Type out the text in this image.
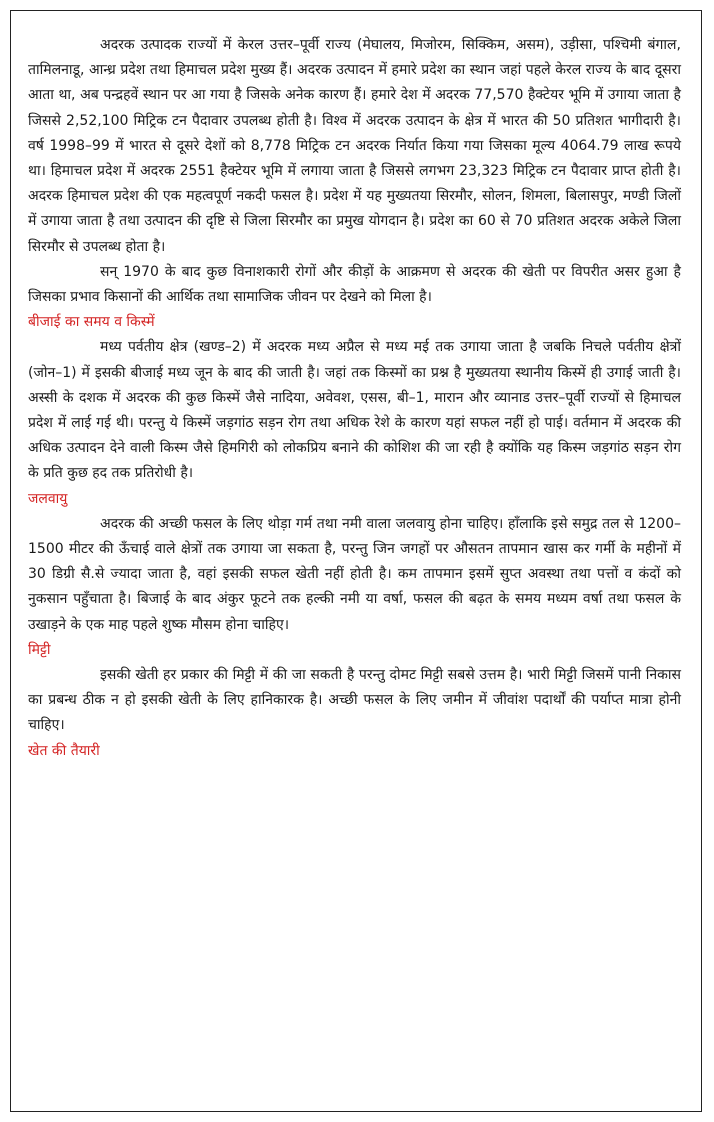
अदरक उत्पादक राज्यों में केरल उत्तर–पूर्वी राज्य (मेघालय, मिजोरम, सिक्किम, असम), उड़ीसा, पश्चिमी बंगाल, तामिलनाडू, आन्ध्र प्रदेश तथा हिमाचल प्रदेश मुख्य हैं। अदरक उत्पादन में हमारे प्रदेश का स्थान जहां पहले केरल राज्य के बाद दूसरा आता था, अब पन्द्रहवें स्थान पर आ गया है जिसके अनेक कारण हैं। हमारे देश में अदरक 77,570 हैक्टेयर भूमि में उगाया जाता है जिससे 2,52,100 मिट्रिक टन पैदावार उपलब्ध होती है। विश्व में अदरक उत्पादन के क्षेत्र में भारत की 50 प्रतिशत भागीदारी है। वर्ष 1998–99 में भारत से दूसरे देशों को 8,778 मिट्रिक टन अदरक निर्यात किया गया जिसका मूल्य 4064.79 लाख रूपये था। हिमाचल प्रदेश में अदरक 2551 हैक्टेयर भूमि में लगाया जाता है जिससे लगभग 23,323 मिट्रिक टन पैदावार प्राप्त होती है। अदरक हिमाचल प्रदेश की एक महत्वपूर्ण नकदी फसल है। प्रदेश में यह मुख्यतया सिरमौर, सोलन, शिमला, बिलासपुर, मण्डी जिलों में उगाया जाता है तथा उत्पादन की दृष्टि से जिला सिरमौर का प्रमुख योगदान है। प्रदेश का 60 से 70 प्रतिशत अदरक अकेले जिला सिरमौर से उपलब्ध होता है।

सन् 1970 के बाद कुछ विनाशकारी रोगों और कीड़ों के आक्रमण से अदरक की खेती पर विपरीत असर हुआ है जिसका प्रभाव किसानों की आर्थिक तथा सामाजिक जीवन पर देखने को मिला है।

बीजाई का समय व किस्में

मध्य पर्वतीय क्षेत्र (खण्ड–2) में अदरक मध्य अप्रैल से मध्य मई तक उगाया जाता है जबकि निचले पर्वतीय क्षेत्रों (जोन–1) में इसकी बीजाई मध्य जून के बाद की जाती है। जहां तक किस्मों का प्रश्न है मुख्यतया स्थानीय किस्में ही उगाई जाती है। अस्सी के दशक में अदरक की कुछ किस्में जैसे नादिया, अवेवश, एसस, बी–1, मारान और व्यानाड उत्तर–पूर्वी राज्यों से हिमाचल प्रदेश में लाई गई थी। परन्तु ये किस्में जड़गांठ सड़न रोग तथा अधिक रेशे के कारण यहां सफल नहीं हो पाई। वर्तमान में अदरक की अधिक उत्पादन देने वाली किस्म जैसे हिमगिरी को लोकप्रिय बनाने की कोशिश की जा रही है क्योंकि यह किस्म जड़गांठ सड़न रोग के प्रति कुछ हद तक प्रतिरोधी है।

जलवायु

अदरक की अच्छी फसल के लिए थोड़ा गर्म तथा नमी वाला जलवायु होना चाहिए। हाँलाकि इसे समुद्र तल से 1200–1500 मीटर की ऊँचाई वाले क्षेत्रों तक उगाया जा सकता है, परन्तु जिन जगहों पर औसतन तापमान खास कर गर्मी के महीनों में 30 डिग्री सै.से ज्यादा जाता है, वहां इसकी सफल खेती नहीं होती है। कम तापमान इसमें सुप्त अवस्था तथा पत्तों व कंदों को नुकसान पहुँचाता है। बिजाई के बाद अंकुर फूटने तक हल्की नमी या वर्षा, फसल की बढ़त के समय मध्यम वर्षा तथा फसल के उखाड़ने के एक माह पहले शुष्क मौसम होना चाहिए।

मिट्टी

इसकी खेती हर प्रकार की मिट्टी में की जा सकती है परन्तु दोमट मिट्टी सबसे उत्तम है। भारी मिट्टी जिसमें पानी निकास का प्रबन्ध ठीक न हो इसकी खेती के लिए हानिकारक है। अच्छी फसल के लिए जमीन में जीवांश पदार्थों की पर्याप्त मात्रा होनी चाहिए।

खेत की तैयारी
